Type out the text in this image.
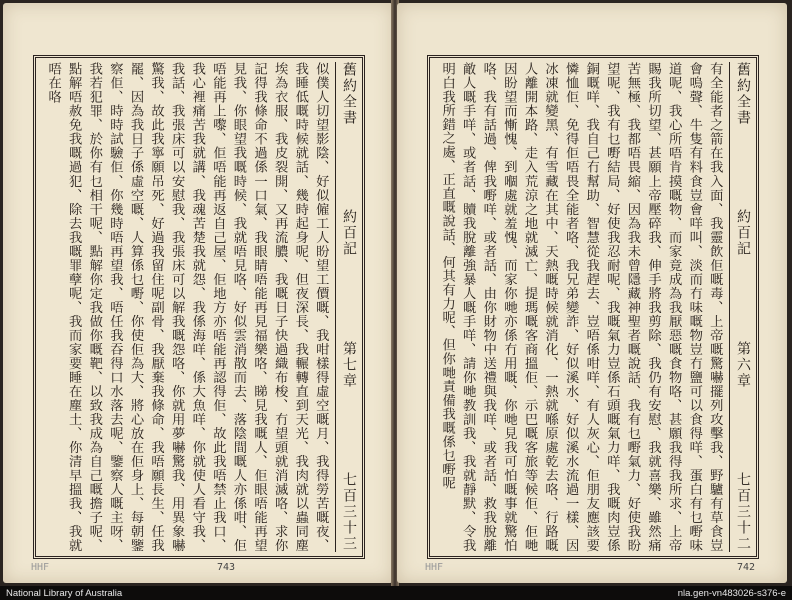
舊約全書
約百記
第七章
七百三十三
似僕人切望影陰、好似僱工人盼望工價嘅、我咁樣得虛空嘅月、我得勞苦嘅夜、我睡低嘅時候就話、幾時起身呢、但夜深長、我輾轉直到天光、我肉就以蟲同塵埃為衣服、我皮裂開、又再流膿、我嘅日子快過織布梭、冇望頭就消滅咯、求你記得我條命不過係一口氣、我眼睛唔能再見福樂咯、睇見我嘅人、佢眼唔能再望見我、你眼望我嘅時候、我就唔見咯、好似雲消散而去、落陰間嘅人亦係咁、佢唔能再上嚟、佢唔能再返自己屋、佢地方亦唔能再認得佢、故此我唔禁止我口、我心裡痛苦我就講、我魂苦楚我就怨、我係海咩、係大魚咩、你就使人看守我、我話、我張床可以安慰我、我張床可以解我嘅怨咯、你就用夢嚇驚我、用異象嚇驚我、故此我寧願吊死、好過我留住呢副骨、我厭棄我條命、我唔願長生、任我罷、因為我日子係虛空嘅、人算係乜嘢、你使佢為大、將心放在佢身上、每朝鑒察佢、時時試驗佢、你幾時唔再望我、唔任我吞得口水落去呢、鑒察人嘅主呀、我若犯罪、於你有乜相干呢、點解你定我做你嘅靶、以致我成為自己嘅擔子呢、點解唔赦免我嘅過犯、除去我嘅罪孽呢、我而家要睡在塵土、你清早搵我、我就唔在咯
HHF	743
舊約全書
約百記
第六章
七百三十二
有全能者之箭在我入面、我靈飲佢嘅毒、上帝嘅驚嚇擺列攻擊我、野驢有草食豈會嗚聲、牛隻有料食豈會咩叫、淡而冇味嘅物豈冇鹽可以食得咩、蛋白有乜嘢味道呢、我心所唔肯摸嘅物、而家竟成為我厭惡嘅食物咯、甚願我得我所求、上帝賜我所切望、甚願上帝壓碎我、伸手將我剪除、我仍有安慰、我就喜樂、雖然痛苦無極、我都唔畏縮、因為我未曾隱藏神聖者嘅說話、我有乜嘢氣力、好使我盼望呢、我有乜嘢結局、好使我忍耐呢、我嘅氣力豈係石頭嘅氣力咩、我嘅肉豈係銅嘅咩、我自己冇幫助、智慧從我趕去、豈唔係咁咩、有人灰心、佢朋友應該要憐恤佢、免得佢唔畏全能者咯、我兄弟變詐、好似溪水、好似溪水流過一樣、因冰凍就變黑、有雪藏在其中、天熱嘅時候就消化、一熱就喺原處乾去咯、行路嘅人離開本路、走入荒涼之地就滅亡、提瑪嘅客商搵佢、示巴嘅客旅等候佢、佢哋因盼望而慚愧、到嗰處就羞愧、而家你哋亦係冇用嘅、你哋見我可怕嘅事就驚怕咯、我有話過、俾我嘢咩、或者話、由你財物中送禮與我咩、或者話、救我脫離敵人嘅手咩、或者話、贖我脫離強暴人嘅手咩、請你哋教訓我、我就靜默、令我明白我所錯之處、正直嘅說話、何其有力呢、但你哋責備我嘅係乜嘢呢
HHF	742
National Library of Australia	nla.gen-vn483026-s376-e
